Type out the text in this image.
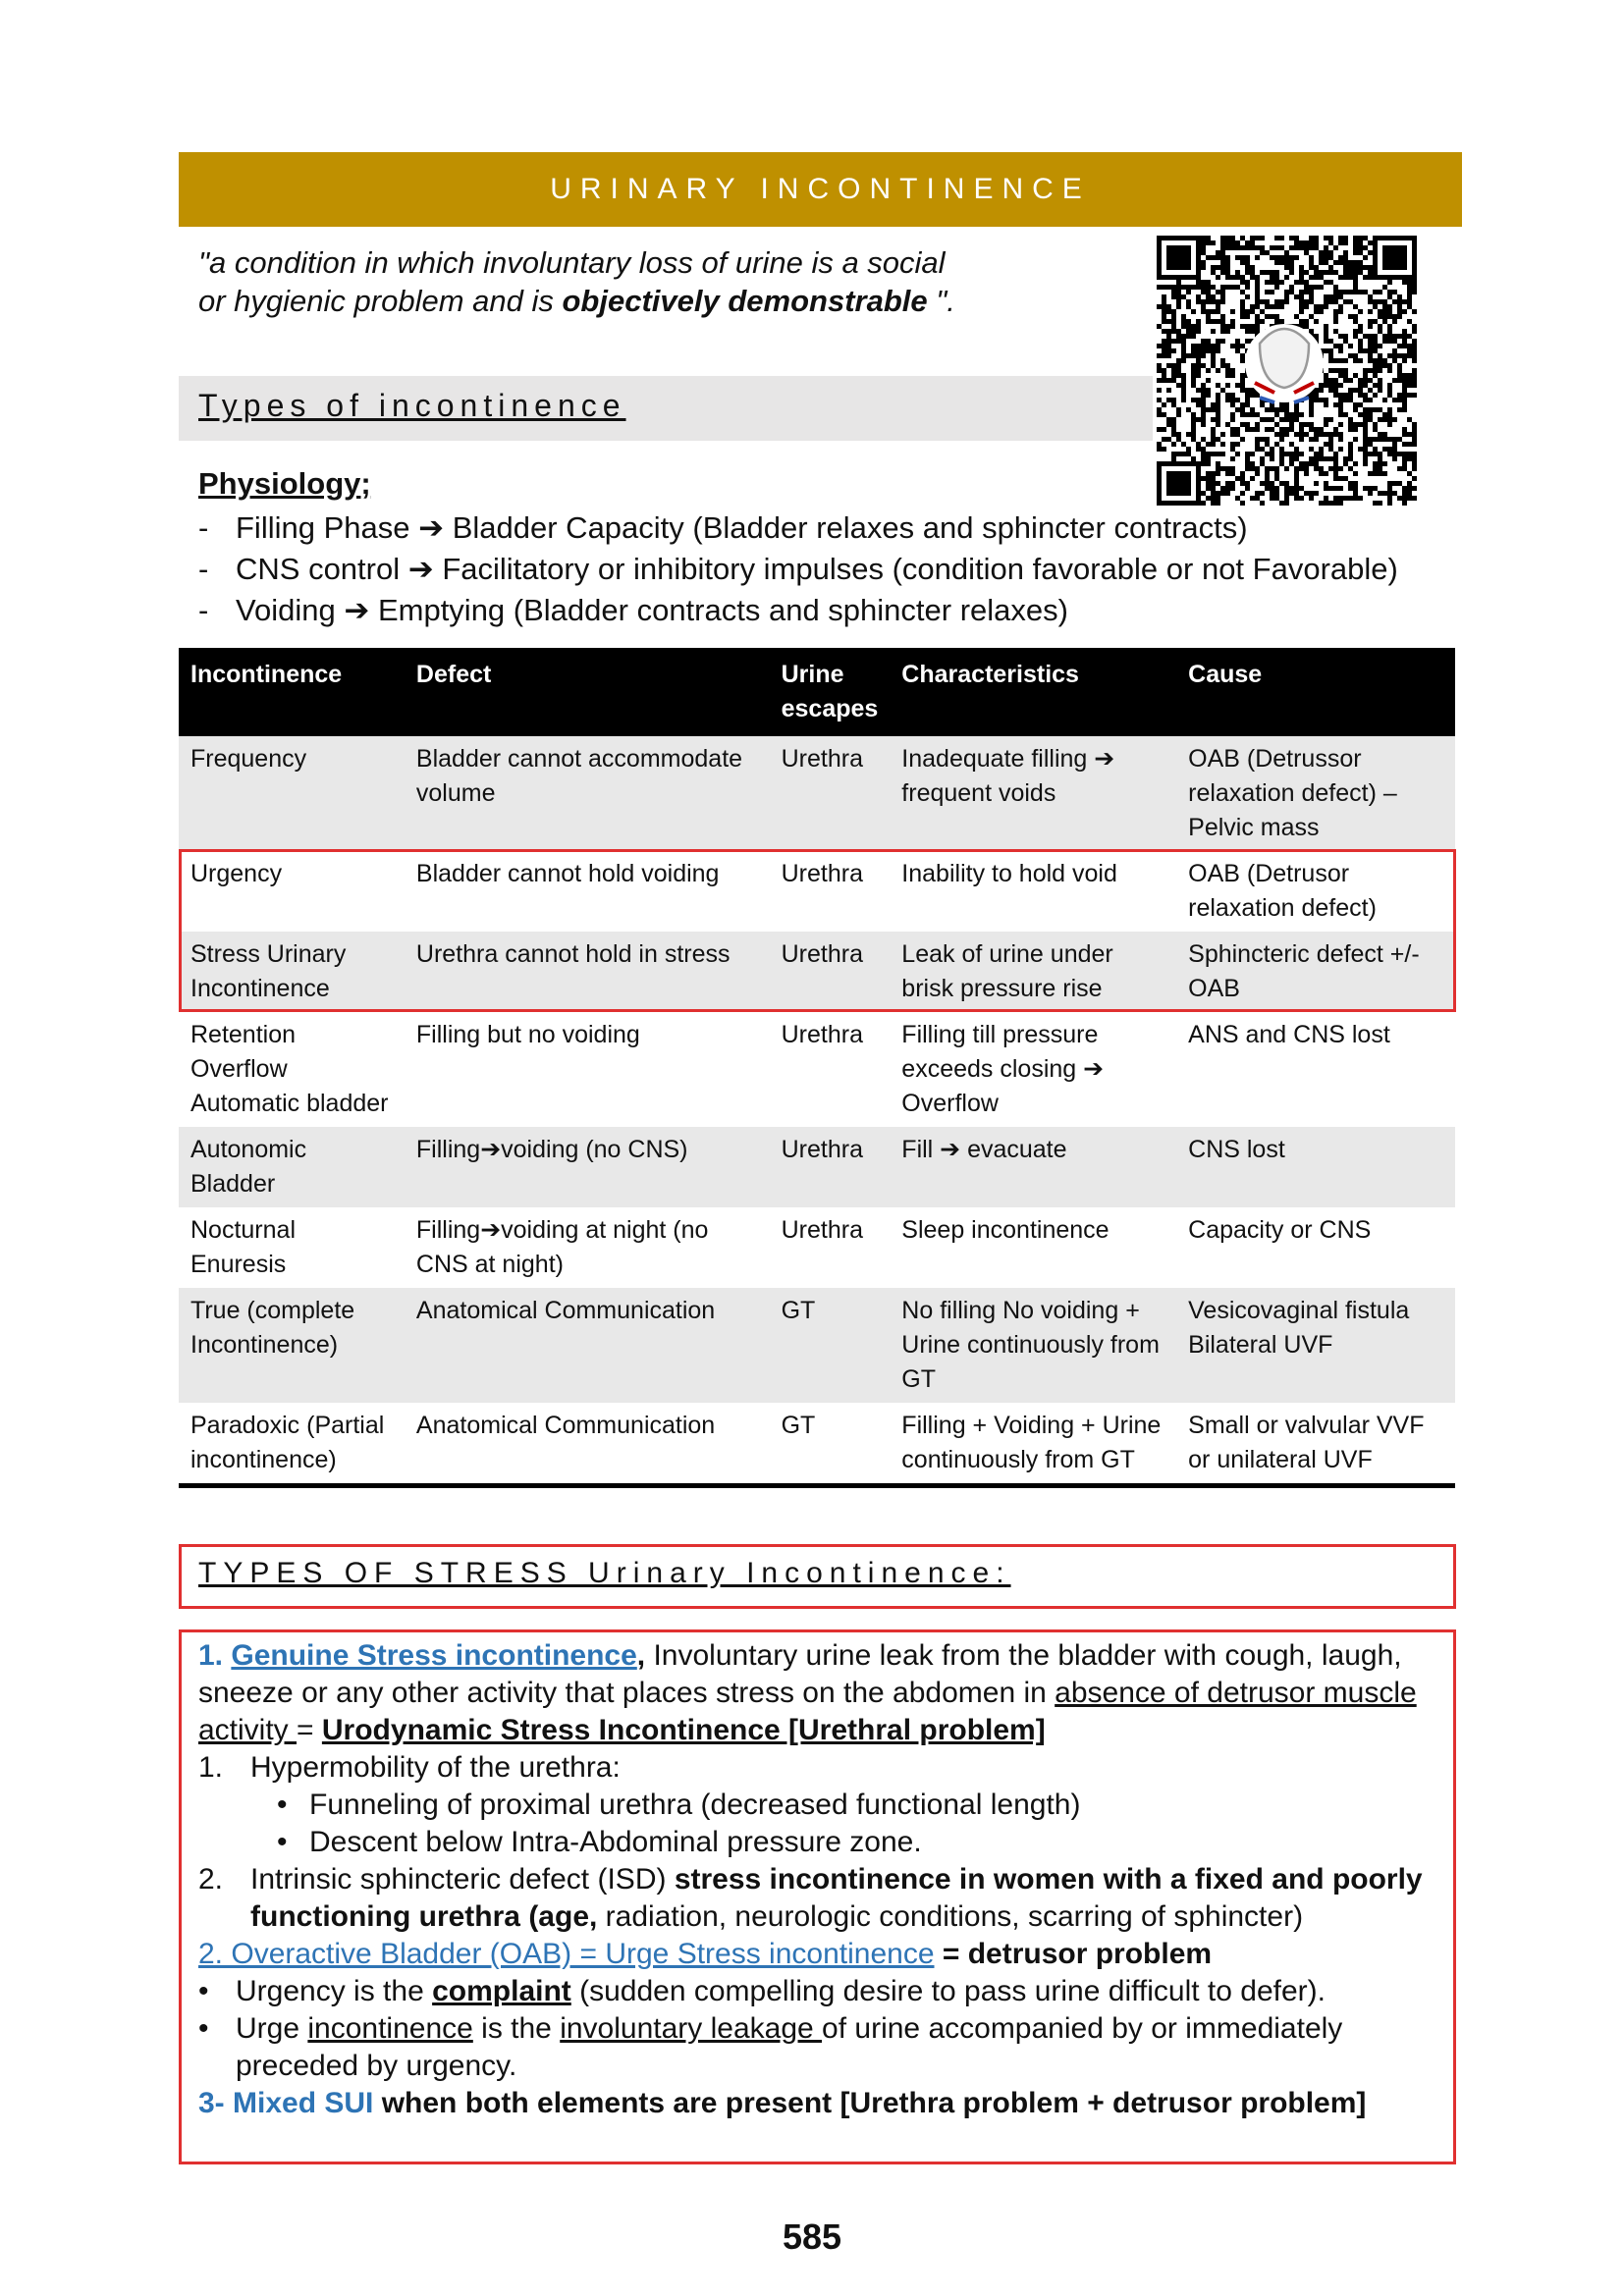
URINARY INCONTINENCE
"a condition in which involuntary loss of urine is a social
or hygienic problem and is objectively demonstrable ".
Types of incontinence
Physiology;
- Filling Phase ➔ Bladder Capacity (Bladder relaxes and sphincter contracts)
- CNS control ➔ Facilitatory or inhibitory impulses (condition favorable or not Favorable)
- Voiding ➔ Emptying (Bladder contracts and sphincter relaxes)
Incontinence	Defect	Urine escapes	Characteristics	Cause
Frequency	Bladder cannot accommodate volume	Urethra	Inadequate filling ➔ frequent voids	OAB (Detrussor relaxation defect) – Pelvic mass
Urgency	Bladder cannot hold voiding	Urethra	Inability to hold void	OAB (Detrusor relaxation defect)
Stress Urinary Incontinence	Urethra cannot hold in stress	Urethra	Leak of urine under brisk pressure rise	Sphincteric defect +/- OAB
Retention Overflow Automatic bladder	Filling but no voiding	Urethra	Filling till pressure exceeds closing ➔ Overflow	ANS and CNS lost
Autonomic Bladder	Filling➔voiding (no CNS)	Urethra	Fill ➔ evacuate	CNS lost
Nocturnal Enuresis	Filling➔voiding at night (no CNS at night)	Urethra	Sleep incontinence	Capacity or CNS
True (complete Incontinence)	Anatomical Communication	GT	No filling No voiding + Urine continuously from GT	Vesicovaginal fistula Bilateral UVF
Paradoxic (Partial incontinence)	Anatomical Communication	GT	Filling + Voiding + Urine continuously from GT	Small or valvular VVF or unilateral UVF
TYPES OF STRESS Urinary Incontinence:

1. Genuine Stress incontinence, Involuntary urine leak from the bladder with cough, laugh, sneeze or any other activity that places stress on the abdomen in absence of detrusor muscle activity = Urodynamic Stress Incontinence [Urethral problem]

1. Hypermobility of the urethra:

• Funneling of proximal urethra (decreased functional length)

• Descent below Intra-Abdominal pressure zone.

2. Intrinsic sphincteric defect (ISD) stress incontinence in women with a fixed and poorly functioning urethra (age, radiation, neurologic conditions, scarring of sphincter)

2. Overactive Bladder (OAB) = Urge Stress incontinence = detrusor problem

• Urgency is the complaint (sudden compelling desire to pass urine difficult to defer).

• Urge incontinence is the involuntary leakage of urine accompanied by or immediately preceded by urgency.

3- Mixed SUI when both elements are present [Urethra problem + detrusor problem]

585
